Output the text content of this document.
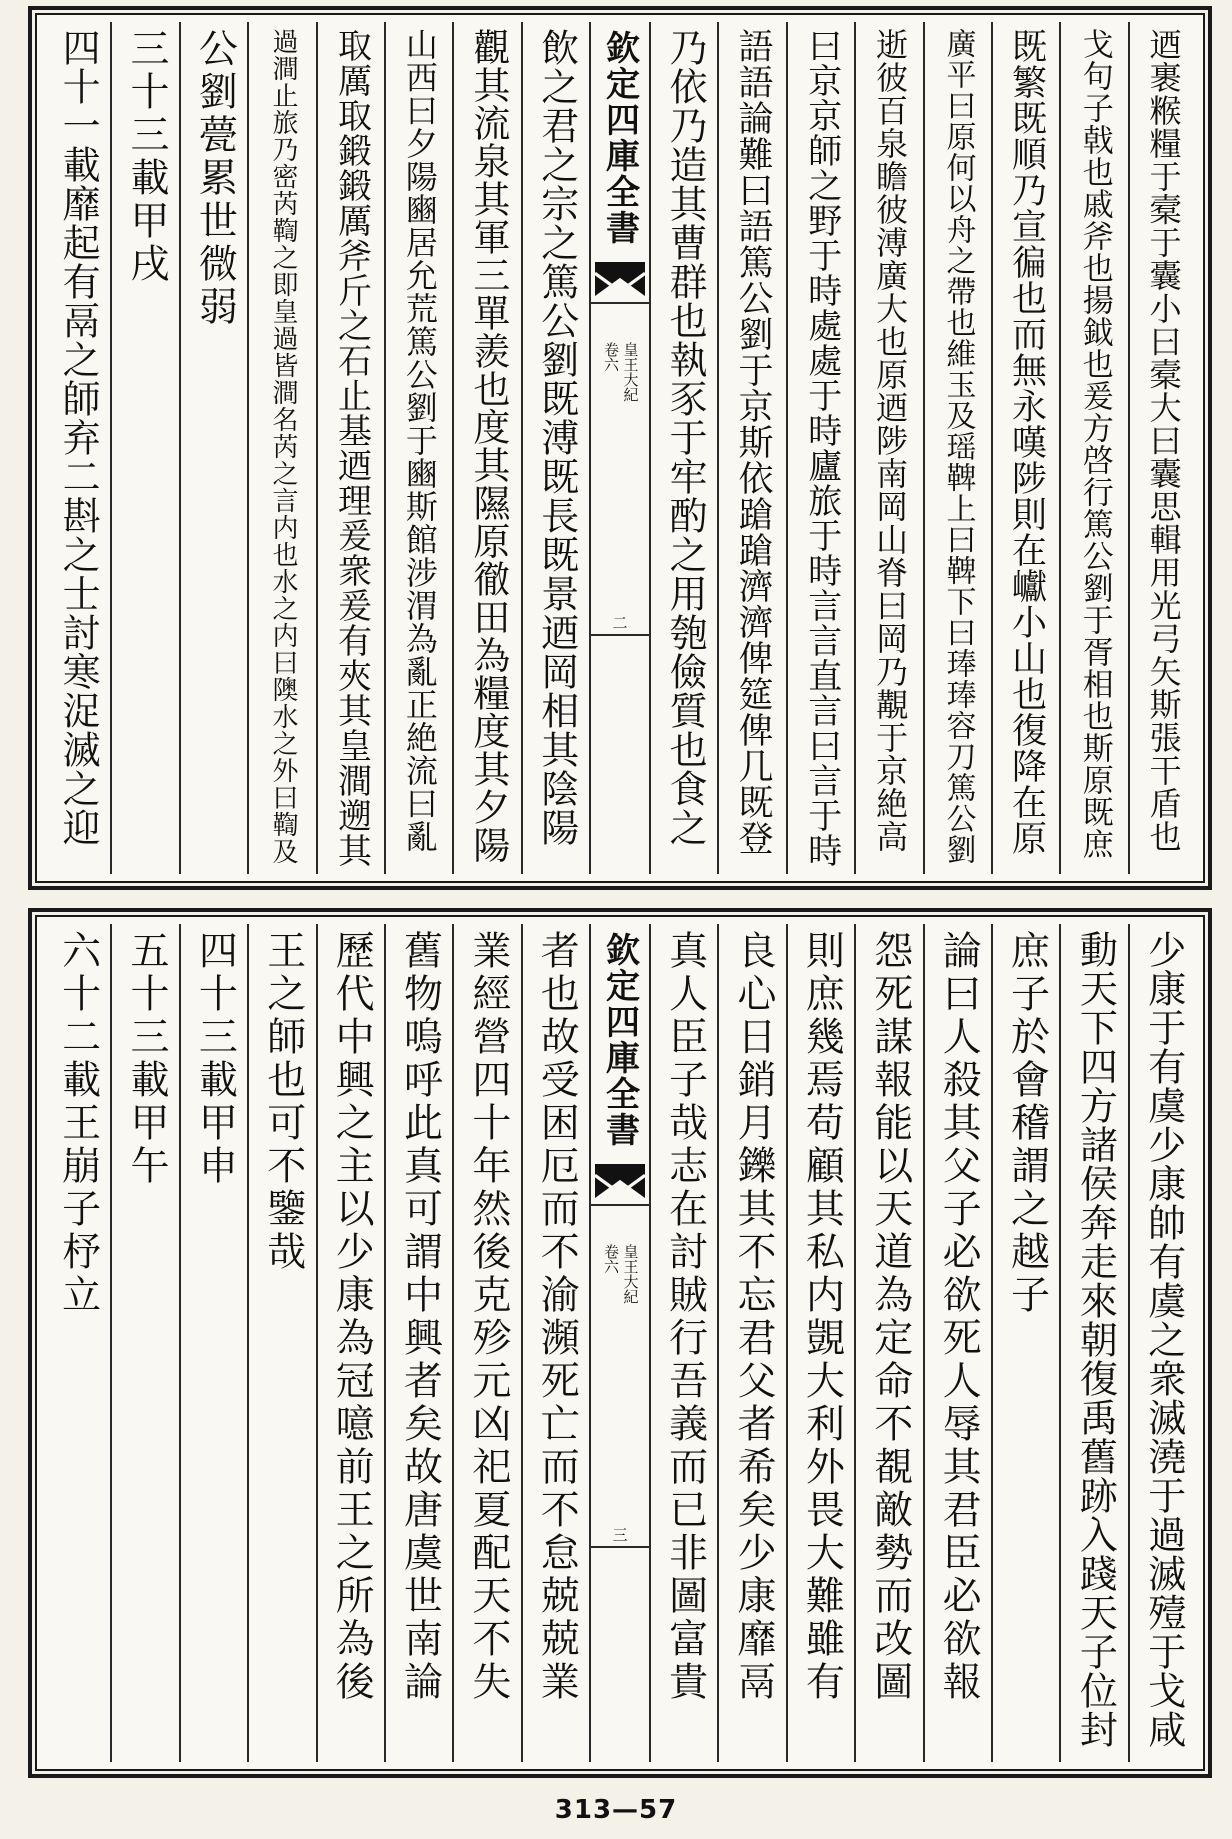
迺裹糇糧于槖于囊小曰槖大曰囊思輯用光弓矢斯張干盾也
戈句子戟也戚斧也揚鉞也爰方啓行篤公劉于胥相也斯原既庶
既繁既順乃宣徧也而無永嘆陟則在巘小山也復降在原
廣平曰原何以舟之帶也維玉及瑶鞞上曰鞞下曰琫琫容刀篤公劉
逝彼百泉瞻彼溥廣大也原迺陟南岡山脊曰岡乃覯于京絶高
曰京京師之野于時處處于時廬旅于時言言直言曰言于時
語語論難曰語篤公劉于京斯依蹌蹌濟濟俾筵俾几既登
乃依乃造其曹群也執豕于牢酌之用匏儉質也食之
欽定四庫全書
皇王大紀
卷六
二
飲之君之宗之篤公劉既溥既長既景迺岡相其陰陽
觀其流泉其軍三單羨也度其隰原徹田為糧度其夕陽
山西曰夕陽豳居允荒篤公劉于豳斯館涉渭為亂正絶流曰亂
取厲取鍛鍛厲斧斤之石止基迺理爰衆爰有夾其皇澗遡其
過澗止旅乃密芮鞫之即皇過皆澗名芮之言内也水之内曰隩水之外曰鞫及
公劉甍累世微弱
三十三載甲戌
四十一載靡起有鬲之師弃二斟之士討寒浞滅之迎
少康于有虞少康帥有虞之衆滅澆于過滅殪于戈咸
動天下四方諸侯奔走來朝復禹舊跡入踐天子位封
庶子於會稽謂之越子
論曰人殺其父子必欲死人辱其君臣必欲報
怨死謀報能以天道為定命不覩敵勢而改圖
則庶幾焉苟顧其私内覬大利外畏大難雖有
良心日銷月鑠其不忘君父者希矣少康靡鬲
真人臣子哉志在討賊行吾義而已非圖富貴
欽定四庫全書
皇王大紀
卷六
三
者也故受困厄而不渝瀕死亡而不怠兢兢業
業經營四十年然後克殄元凶祀夏配天不失
舊物嗚呼此真可謂中興者矣故唐虞世南論
歷代中興之主以少康為冠噫前王之所為後
王之師也可不鑒哉
四十三載甲申
五十三載甲午
六十二載王崩子杼立
313—57
